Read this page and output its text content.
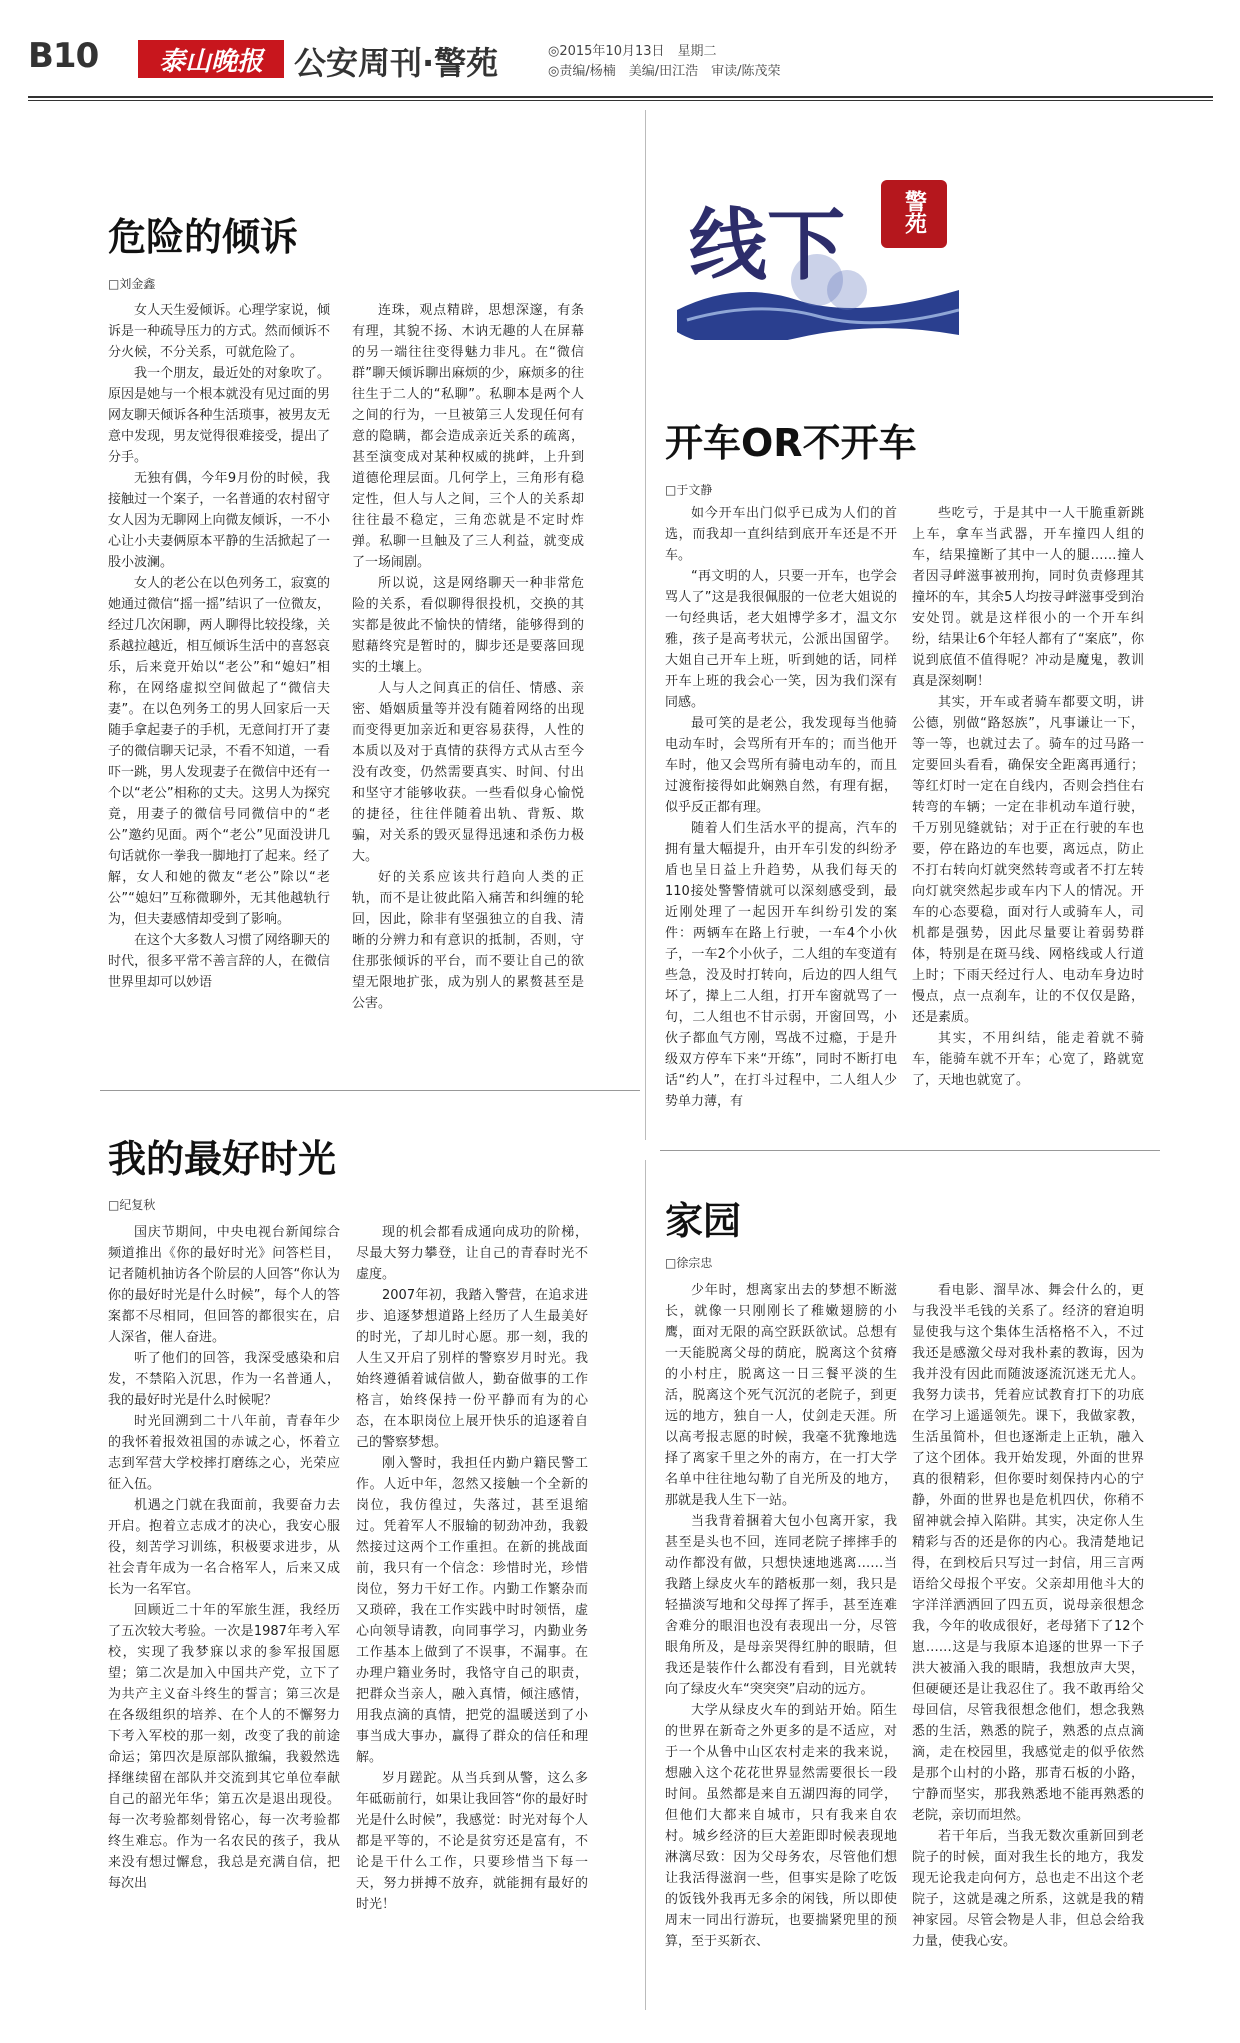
B10	泰山晚报 公安周刊·警苑	◎2015年10月13日　星期二
◎责编/杨楠　美编/田江浩　审读/陈茂荣
线下	警苑
危险的倾诉
□刘金鑫

女人天生爱倾诉。心理学家说，倾诉是一种疏导压力的方式。然而倾诉不分火候，不分关系，可就危险了。

我一个朋友，最近处的对象吹了。原因是她与一个根本就没有见过面的男网友聊天倾诉各种生活琐事，被男友无意中发现，男友觉得很难接受，提出了分手。

无独有偶，今年9月份的时候，我接触过一个案子，一名普通的农村留守女人因为无聊网上向微友倾诉，一不小心让小夫妻俩原本平静的生活掀起了一股小波澜。

女人的老公在以色列务工，寂寞的她通过微信“摇一摇”结识了一位微友，经过几次闲聊，两人聊得比较投缘，关系越拉越近，相互倾诉生活中的喜怒哀乐，后来竟开始以“老公”和“媳妇”相称，在网络虚拟空间做起了“微信夫妻”。在以色列务工的男人回家后一天随手拿起妻子的手机，无意间打开了妻子的微信聊天记录，不看不知道，一看吓一跳，男人发现妻子在微信中还有一个以“老公”相称的丈夫。这男人为探究竟，用妻子的微信号同微信中的“老公”邀约见面。两个“老公”见面没讲几句话就你一拳我一脚地打了起来。经了解，女人和她的微友“老公”除以“老公”“媳妇”互称微聊外，无其他越轨行为，但夫妻感情却受到了影响。

在这个大多数人习惯了网络聊天的时代，很多平常不善言辞的人，在微信世界里却可以妙语

连珠，观点精辟，思想深邃，有条有理，其貌不扬、木讷无趣的人在屏幕的另一端往往变得魅力非凡。在“微信群”聊天倾诉聊出麻烦的少，麻烦多的往往生于二人的“私聊”。私聊本是两个人之间的行为，一旦被第三人发现任何有意的隐瞒，都会造成亲近关系的疏离，甚至演变成对某种权威的挑衅，上升到道德伦理层面。几何学上，三角形有稳定性，但人与人之间，三个人的关系却往往最不稳定，三角恋就是不定时炸弹。私聊一旦触及了三人利益，就变成了一场闹剧。

所以说，这是网络聊天一种非常危险的关系，看似聊得很投机，交换的其实都是彼此不愉快的情绪，能够得到的慰藉终究是暂时的，脚步还是要落回现实的土壤上。

人与人之间真正的信任、情感、亲密、婚姻质量等并没有随着网络的出现而变得更加亲近和更容易获得，人性的本质以及对于真情的获得方式从古至今没有改变，仍然需要真实、时间、付出和坚守才能够收获。一些看似身心愉悦的捷径，往往伴随着出轨、背叛、欺骗，对关系的毁灭显得迅速和杀伤力极大。

好的关系应该共行趋向人类的正轨，而不是让彼此陷入痛苦和纠缠的轮回，因此，除非有坚强独立的自我、清晰的分辨力和有意识的抵制，否则，守住那张倾诉的平台，而不要让自己的欲望无限地扩张，成为别人的累赘甚至是公害。

开车OR不开车
□于文静

如今开车出门似乎已成为人们的首选，而我却一直纠结到底开车还是不开车。

“再文明的人，只要一开车，也学会骂人了”这是我很佩服的一位老大姐说的一句经典话，老大姐博学多才，温文尔雅，孩子是高考状元，公派出国留学。大姐自己开车上班，听到她的话，同样开车上班的我会心一笑，因为我们深有同感。

最可笑的是老公，我发现每当他骑电动车时，会骂所有开车的；而当他开车时，他又会骂所有骑电动车的，而且过渡衔接得如此娴熟自然，有理有据，似乎反正都有理。

随着人们生活水平的提高，汽车的拥有量大幅提升，由开车引发的纠纷矛盾也呈日益上升趋势，从我们每天的110接处警警情就可以深刻感受到，最近刚处理了一起因开车纠纷引发的案件：两辆车在路上行驶，一车4个小伙子，一车2个小伙子，二人组的车变道有些急，没及时打转向，后边的四人组气坏了，撵上二人组，打开车窗就骂了一句，二人组也不甘示弱，开窗回骂，小伙子都血气方刚，骂战不过瘾，于是升级双方停车下来“开练”，同时不断打电话“约人”，在打斗过程中，二人组人少势单力薄，有

些吃亏，于是其中一人干脆重新跳上车，拿车当武器，开车撞四人组的车，结果撞断了其中一人的腿……撞人者因寻衅滋事被刑拘，同时负责修理其撞坏的车，其余5人均按寻衅滋事受到治安处罚。就是这样很小的一个开车纠纷，结果让6个年轻人都有了“案底”，你说到底值不值得呢？冲动是魔鬼，教训真是深刻啊！

其实，开车或者骑车都要文明，讲公德，别做“路怒族”，凡事谦让一下，等一等，也就过去了。骑车的过马路一定要回头看看，确保安全距离再通行；等红灯时一定在自线内，否则会挡住右转弯的车辆；一定在非机动车道行驶，千万别见缝就钻；对于正在行驶的车也要，停在路边的车也要，离远点，防止不打右转向灯就突然转弯或者不打左转向灯就突然起步或车内下人的情况。开车的心态要稳，面对行人或骑车人，司机都是强势，因此尽量要让着弱势群体，特别是在斑马线、网格线或人行道上时；下雨天经过行人、电动车身边时慢点，点一点刹车，让的不仅仅是路，还是素质。

其实，不用纠结，能走着就不骑车，能骑车就不开车；心宽了，路就宽了，天地也就宽了。

我的最好时光
□纪复秋

国庆节期间，中央电视台新闻综合频道推出《你的最好时光》问答栏目，记者随机抽访各个阶层的人回答“你认为你的最好时光是什么时候”，每个人的答案都不尽相同，但回答的都很实在，启人深省，催人奋进。

听了他们的回答，我深受感染和启发，不禁陷入沉思，作为一名普通人，我的最好时光是什么时候呢？

时光回溯到二十八年前，青春年少的我怀着报效祖国的赤诚之心，怀着立志到军营大学校摔打磨练之心，光荣应征入伍。

机遇之门就在我面前，我要奋力去开启。抱着立志成才的决心，我安心服役，刻苦学习训练，积极要求进步，从社会青年成为一名合格军人，后来又成长为一名军官。

回顾近二十年的军旅生涯，我经历了五次较大考验。一次是1987年考入军校，实现了我梦寐以求的参军报国愿望；第二次是加入中国共产党，立下了为共产主义奋斗终生的誓言；第三次是在各级组织的培养、在个人的不懈努力下考入军校的那一刻，改变了我的前途命运；第四次是原部队撤编，我毅然选择继续留在部队并交流到其它单位奉献自己的韶光年华；第五次是退出现役。每一次考验都刻骨铭心，每一次考验都终生难忘。作为一名农民的孩子，我从来没有想过懈怠，我总是充满自信，把每次出

现的机会都看成通向成功的阶梯，尽最大努力攀登，让自己的青春时光不虚度。

2007年初，我踏入警营，在追求进步、追逐梦想道路上经历了人生最美好的时光，了却儿时心愿。那一刻，我的人生又开启了别样的警察岁月时光。我始终遵循着诚信做人，勤奋做事的工作格言，始终保持一份平静而有为的心态，在本职岗位上展开快乐的追逐着自己的警察梦想。

刚入警时，我担任内勤户籍民警工作。人近中年，忽然又接触一个全新的岗位，我仿徨过，失落过，甚至退缩过。凭着军人不服输的韧劲冲劲，我毅然接过这两个工作重担。在新的挑战面前，我只有一个信念：珍惜时光，珍惜岗位，努力干好工作。内勤工作繁杂而又琐碎，我在工作实践中时时领悟，虚心向领导请教，向同事学习，内勤业务工作基本上做到了不误事，不漏事。在办理户籍业务时，我恪守自己的职责，把群众当亲人，融入真情，倾注感情，用我点滴的真情，把党的温暖送到了小事当成大事办，赢得了群众的信任和理解。

岁月蹉跎。从当兵到从警，这么多年砥砺前行，如果让我回答“你的最好时光是什么时候”，我感觉：时光对每个人都是平等的，不论是贫穷还是富有，不论是干什么工作，只要珍惜当下每一天，努力拼搏不放弃，就能拥有最好的时光！

家园
□徐宗忠

少年时，想离家出去的梦想不断滋长，就像一只刚刚长了稚嫩翅膀的小鹰，面对无限的高空跃跃欲试。总想有一天能脱离父母的荫庇，脱离这个贫瘠的小村庄，脱离这一日三餐平淡的生活，脱离这个死气沉沉的老院子，到更远的地方，独自一人，仗剑走天涯。所以高考报志愿的时候，我毫不犹豫地选择了离家千里之外的南方，在一打大学名单中往往地勾勒了自光所及的地方，那就是我人生下一站。

当我背着捆着大包小包离开家，我甚至是头也不回，连同老院子摔摔手的动作都没有做，只想快速地逃离……当我踏上绿皮火车的踏板那一刻，我只是轻描淡写地和父母挥了挥手，甚至连难舍难分的眼泪也没有表现出一分，尽管眼角所及，是母亲哭得红肿的眼睛，但我还是装作什么都没有看到，目光就转向了绿皮火车“突突突”启动的远方。

大学从绿皮火车的到站开始。陌生的世界在新奇之外更多的是不适应，对于一个从鲁中山区农村走来的我来说，想融入这个花花世界显然需要很长一段时间。虽然都是来自五湖四海的同学，但他们大都来自城市，只有我来自农村。城乡经济的巨大差距即时候表现地淋漓尽致：因为父母务农，尽管他们想让我活得滋润一些，但事实是除了吃饭的饭钱外我再无多余的闲钱，所以即使周末一同出行游玩，也要揣紧兜里的预算，至于买新衣、

看电影、溜旱冰、舞会什么的，更与我没半毛钱的关系了。经济的窘迫明显使我与这个集体生活格格不入，不过我还是感激父母对我朴素的教诲，因为我并没有因此而随波逐流沉迷无尤人。我努力读书，凭着应试教育打下的功底在学习上遥遥领先。课下，我做家教，生活虽简朴，但也逐渐走上正轨，融入了这个团体。我开始发现，外面的世界真的很精彩，但你要时刻保持内心的宁静，外面的世界也是危机四伏，你稍不留神就会掉入陷阱。其实，决定你人生精彩与否的还是你的内心。我清楚地记得，在到校后只写过一封信，用三言两语给父母报个平安。父亲却用他斗大的字洋洋洒洒回了四五页，说母亲很想念我，今年的收成很好，老母猪下了12个崽……这是与我原本追逐的世界一下子洪大被涌入我的眼睛，我想放声大哭，但硬硬还是让我忍住了。我不敢再给父母回信，尽管我很想念他们，想念我熟悉的生活，熟悉的院子，熟悉的点点滴滴，走在校园里，我感觉走的似乎依然是那个山村的小路，那青石板的小路，宁静而坚实，那我熟悉地不能再熟悉的老院，亲切而坦然。

若干年后，当我无数次重新回到老院子的时候，面对我生长的地方，我发现无论我走向何方，总也走不出这个老院子，这就是魂之所系，这就是我的精神家园。尽管会物是人非，但总会给我力量，使我心安。
